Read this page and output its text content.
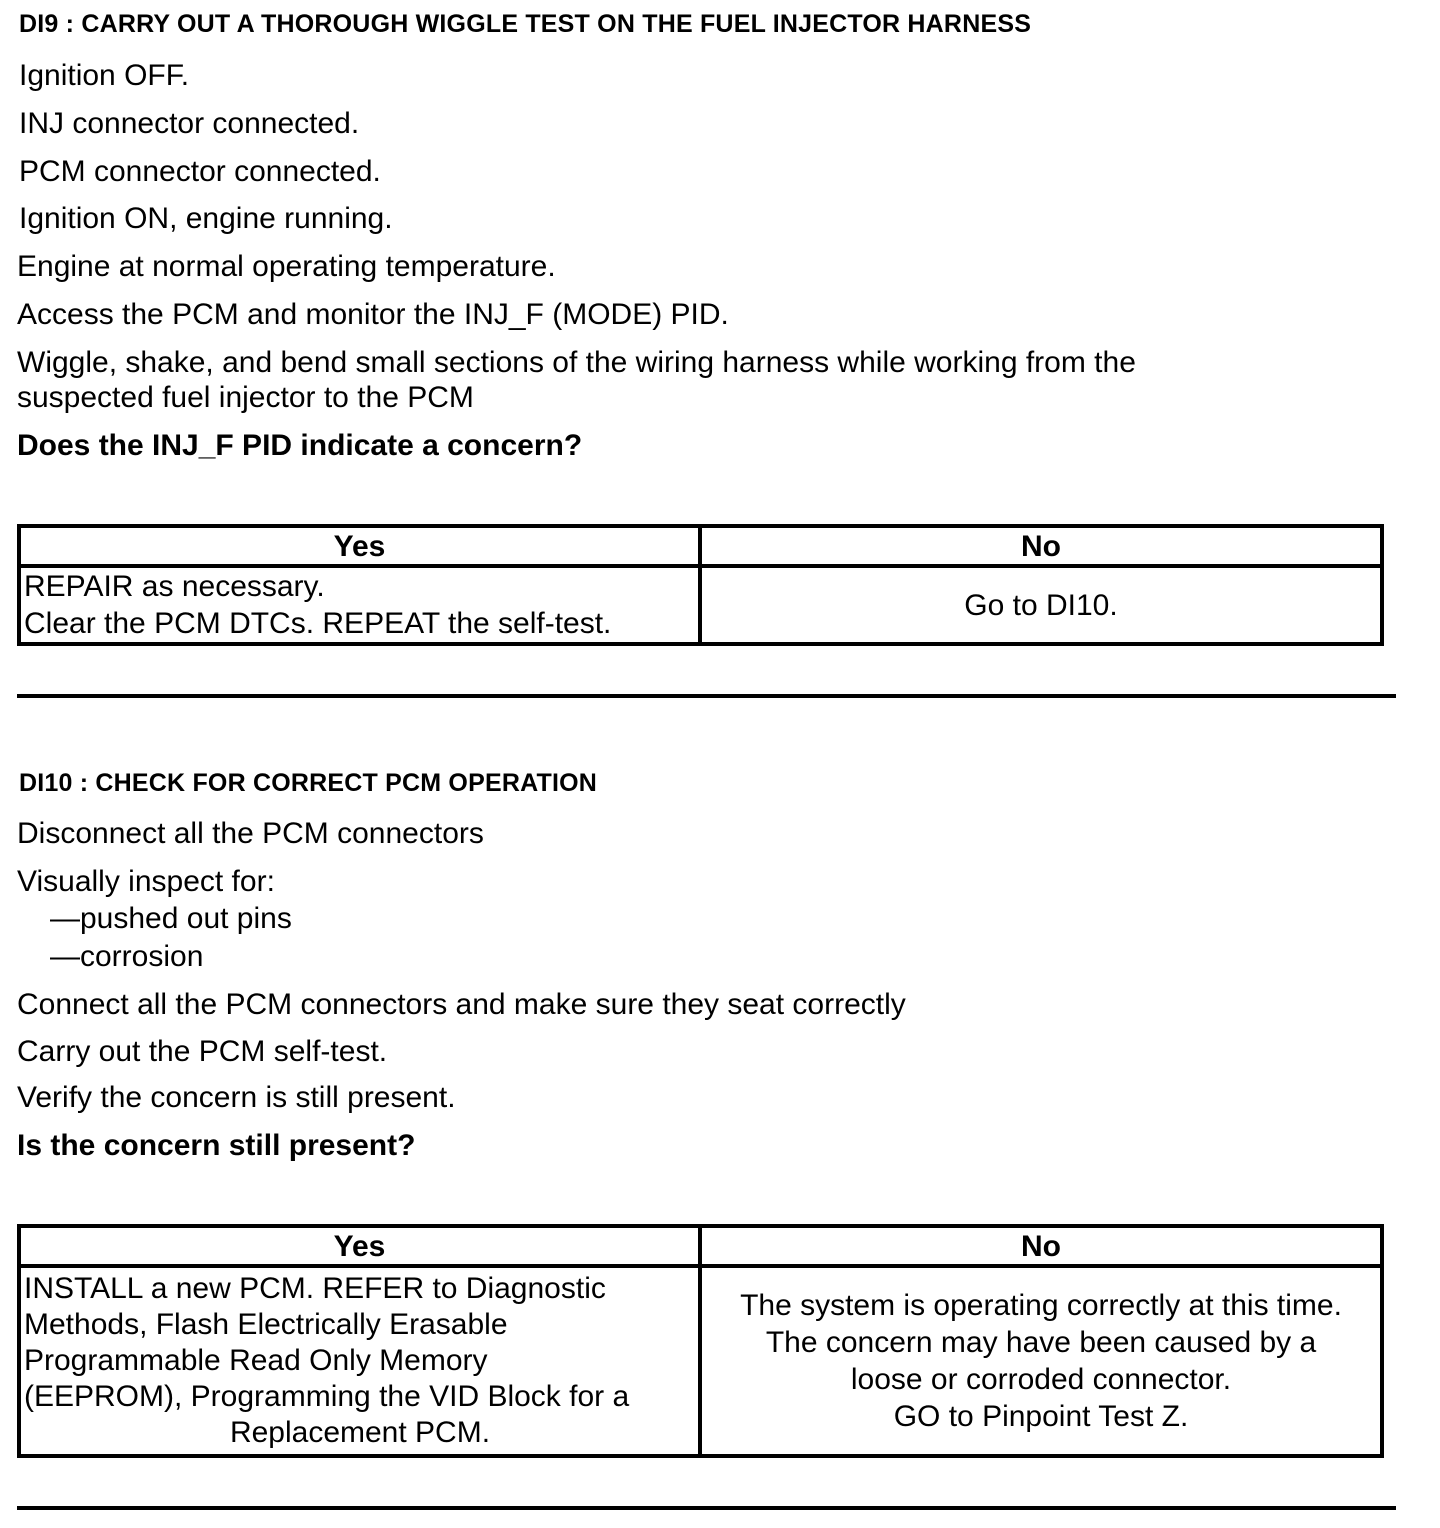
DI9 : CARRY OUT A THOROUGH WIGGLE TEST ON THE FUEL INJECTOR HARNESS
Ignition OFF.
INJ connector connected.
PCM connector connected.
Ignition ON, engine running.
Engine at normal operating temperature.
Access the PCM and monitor the INJ_F (MODE) PID.
Wiggle, shake, and bend small sections of the wiring harness while working from the
suspected fuel injector to the PCM
Does the INJ_F PID indicate a concern?
Yes	No

REPAIR as necessary.
Clear the PCM DTCs. REPEAT the self-test.	Go to DI10.
DI10 : CHECK FOR CORRECT PCM OPERATION
Disconnect all the PCM connectors
Visually inspect for:
—pushed out pins
—corrosion
Connect all the PCM connectors and make sure they seat correctly
Carry out the PCM self-test.
Verify the concern is still present.
Is the concern still present?
Yes	No

INSTALL a new PCM. REFER to Diagnostic
Methods, Flash Electrically Erasable
Programmable Read Only Memory
(EEPROM), Programming the VID Block for a
Replacement PCM.	The system is operating correctly at this time.
The concern may have been caused by a
loose or corroded connector.
GO to Pinpoint Test Z.
